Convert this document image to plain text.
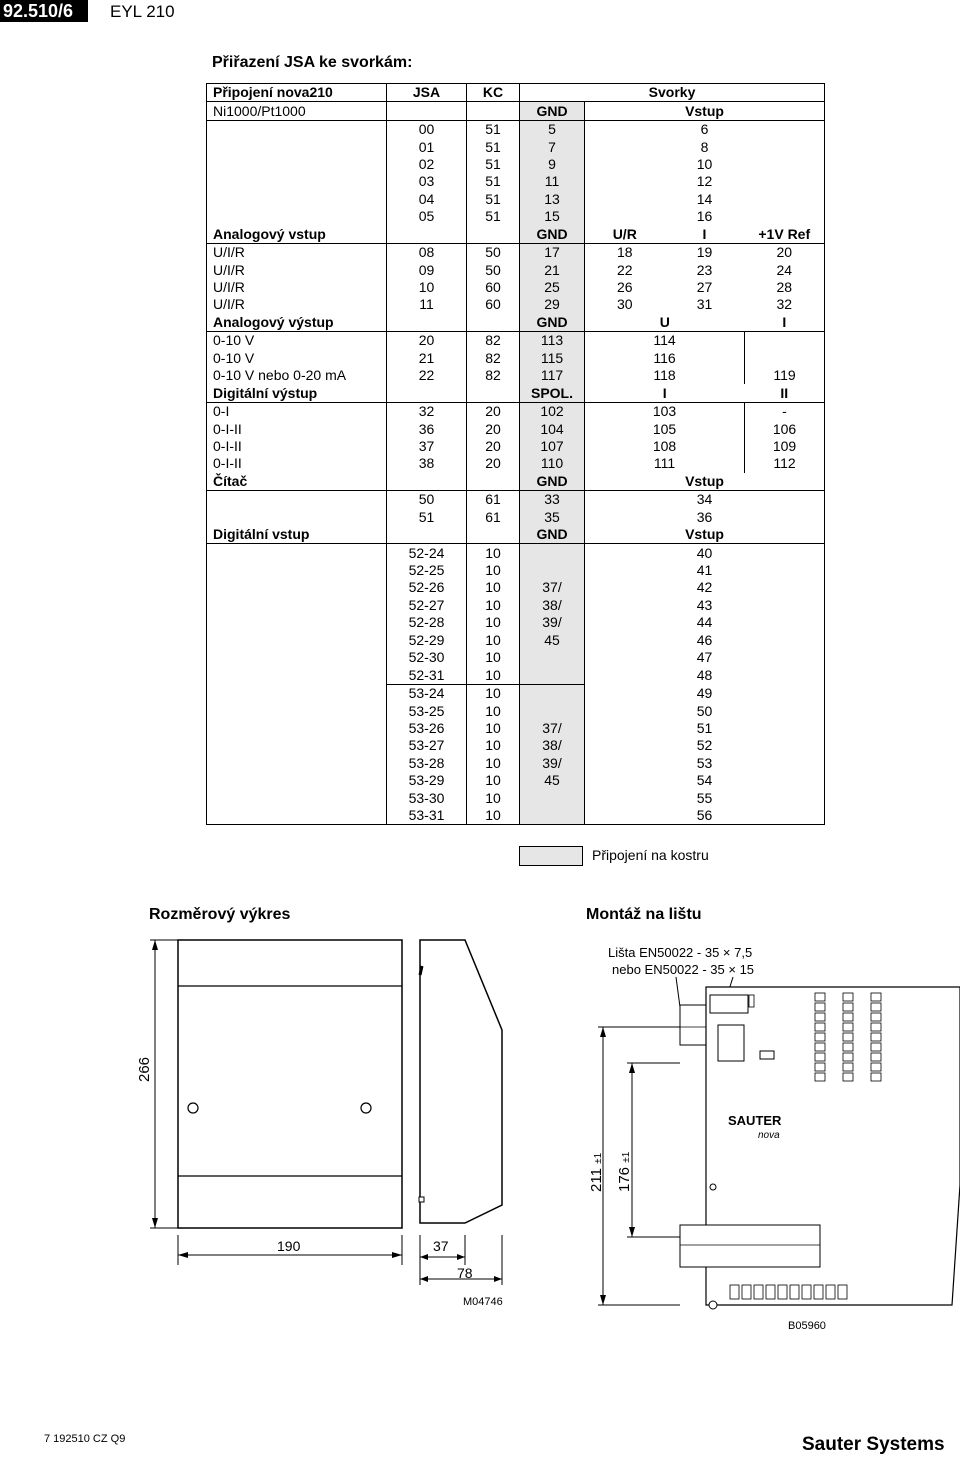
92.510/6	EYL 210
Přiřazení JSA ke svorkám:
Připojení nova210	JSA	KC	Svorky			
Ni1000/Pt1000			GND	Vstup		
	00	51	5	6		
	01	51	7	8		
	02	51	9	10		
	03	51	11	12		
	04	51	13	14		
	05	51	15	16		
Analogový vstup			GND	U/R	I	+1V Ref
U/I/R	08	50	17	18	19	20
U/I/R	09	50	21	22	23	24
U/I/R	10	60	25	26	27	28
U/I/R	11	60	29	30	31	32
Analogový výstup			GND	U		I
0-10 V	20	82	113	114		
0-10 V	21	82	115	116		
0-10 V nebo 0-20 mA	22	82	117	118		119
Digitální výstup			SPOL.	I		II
0-I	32	20	102	103		-
0-I-II	36	20	104	105		106
0-I-II	37	20	107	108		109
0-I-II	38	20	110	111		112
Čítač			GND	Vstup		
	50	61	33	34		
	51	61	35	36		
Digitální vstup			GND	Vstup		
	52-24	10		40		
	52-25	10		41		
	52-26	10	37/	42		
	52-27	10	38/	43		
	52-28	10	39/	44		
	52-29	10	45	46		
	52-30	10		47		
	52-31	10		48		
	53-24	10		49		
	53-25	10		50		
	53-26	10	37/	51		
	53-27	10	38/	52		
	53-28	10	39/	53		
	53-29	10	45	54		
	53-30	10		55		
	53-31	10		56		
Připojení na kostru
Rozměrový výkres
190	37
78
M04746
266
Montáž na lištu
Lišta EN50022 - 35 × 7,5
nebo EN50022 - 35 × 15
SAUTER
nova
B05960
211 ±1
176 ±1
7 192510 CZ Q9	Sauter Systems
